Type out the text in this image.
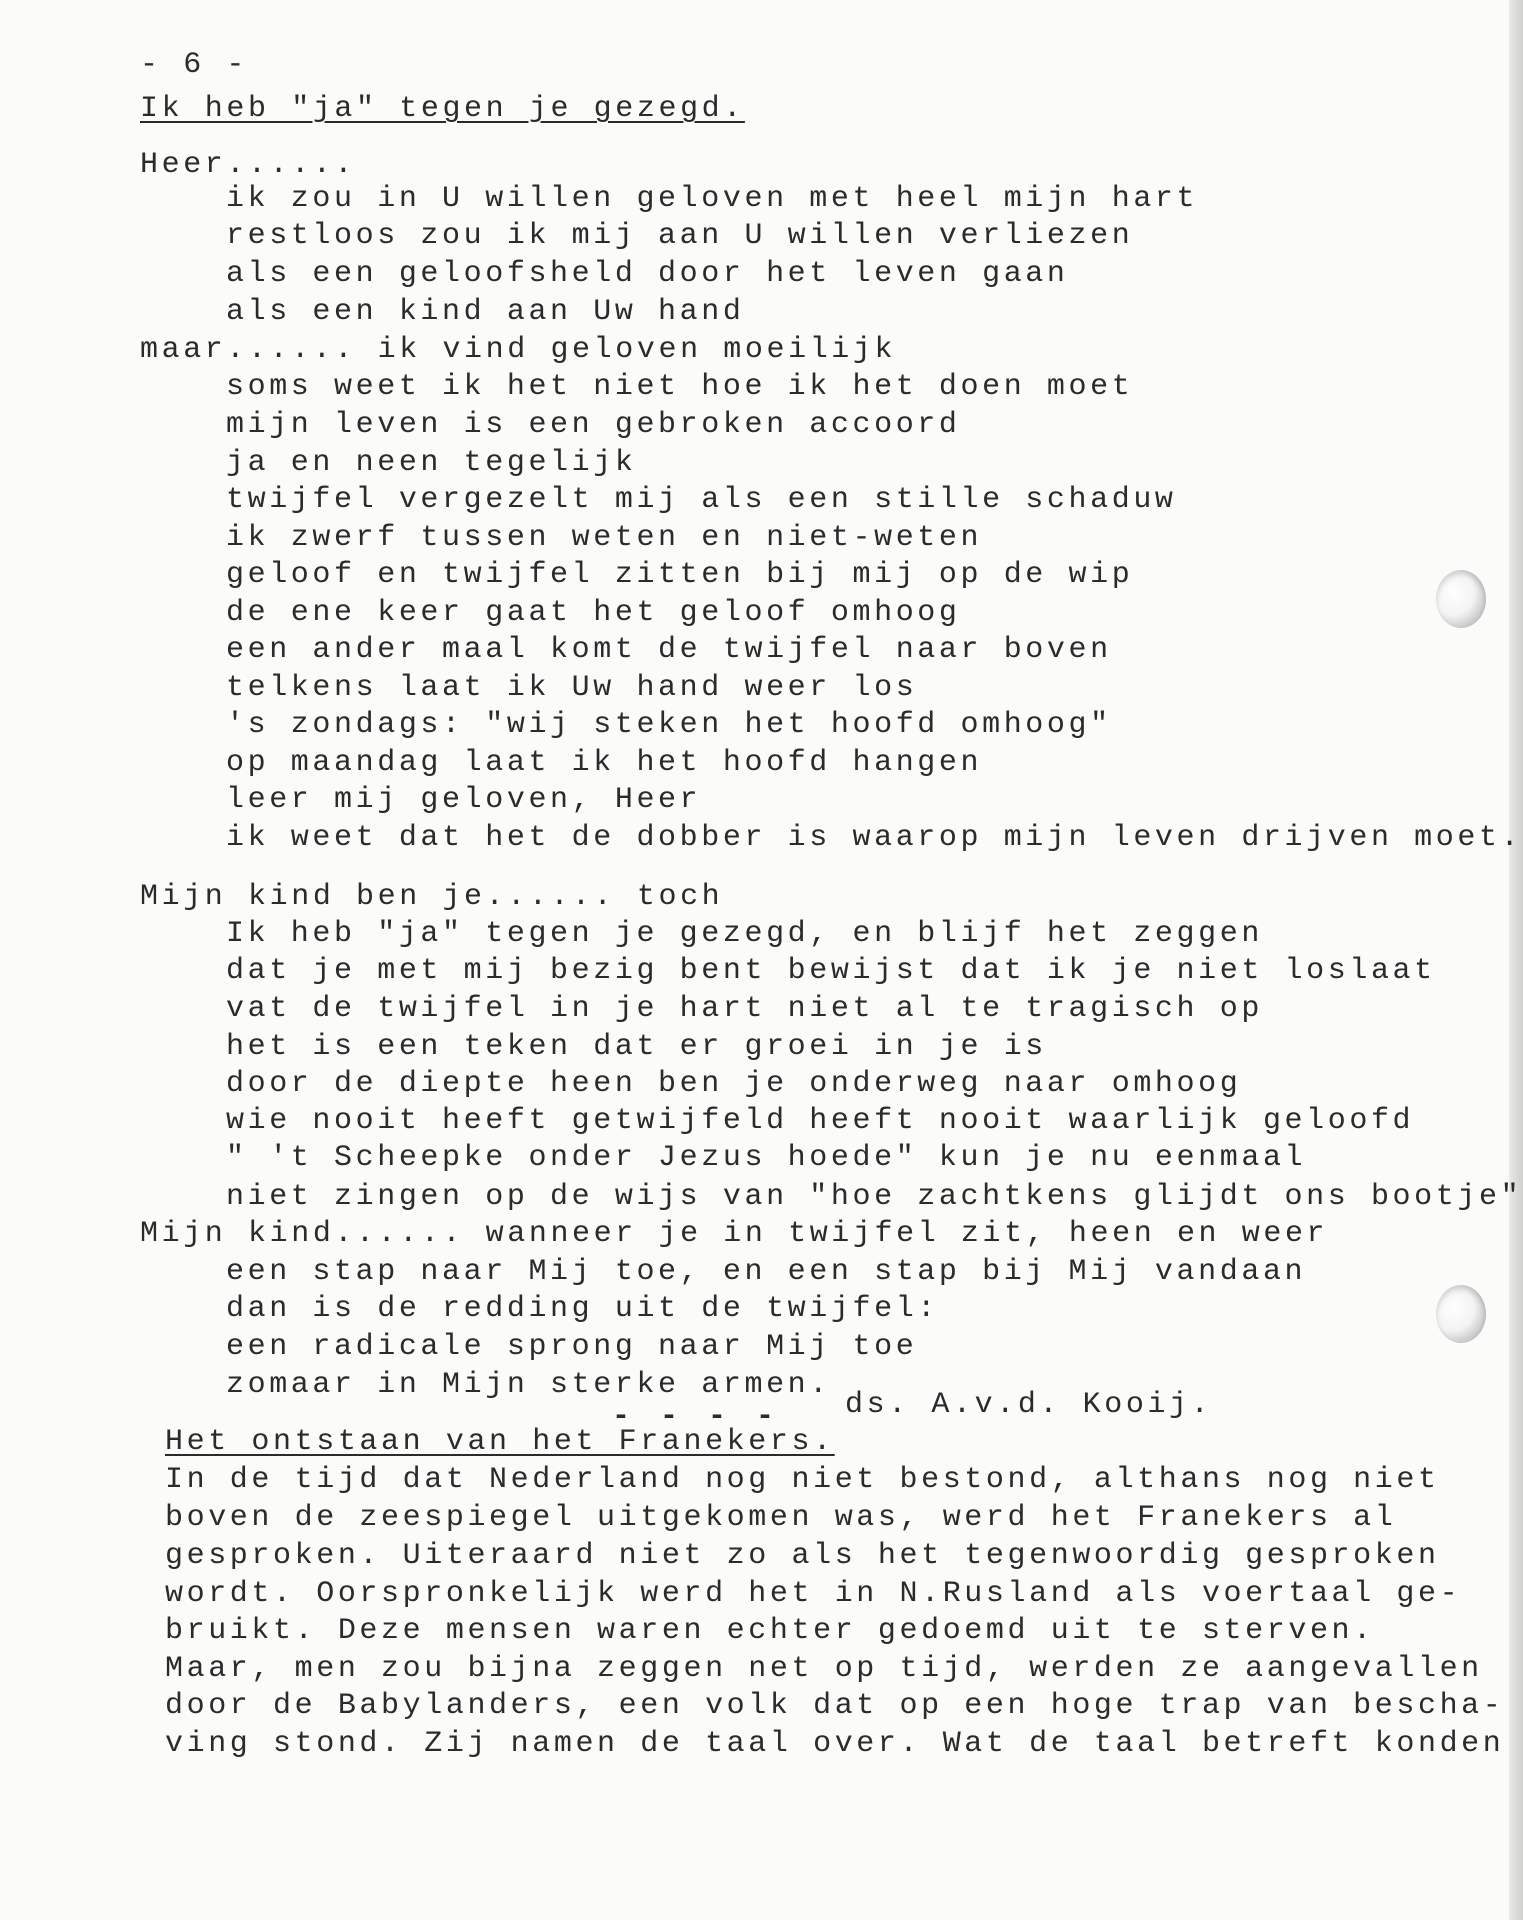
- 6 -
Ik heb "ja" tegen je gezegd.
Heer......
ik zou in U willen geloven met heel mijn hart
restloos zou ik mij aan U willen verliezen
als een geloofsheld door het leven gaan
als een kind aan Uw hand
maar...... ik vind geloven moeilijk
soms weet ik het niet hoe ik het doen moet
mijn leven is een gebroken accoord
ja en neen tegelijk
twijfel vergezelt mij als een stille schaduw
ik zwerf tussen weten en niet-weten
geloof en twijfel zitten bij mij op de wip
de ene keer gaat het geloof omhoog
een ander maal komt de twijfel naar boven
telkens laat ik Uw hand weer los
's zondags: "wij steken het hoofd omhoog"
op maandag laat ik het hoofd hangen
leer mij geloven, Heer
ik weet dat het de dobber is waarop mijn leven drijven moet.
Mijn kind ben je...... toch
Ik heb "ja" tegen je gezegd, en blijf het zeggen
dat je met mij bezig bent bewijst dat ik je niet loslaat
vat de twijfel in je hart niet al te tragisch op
het is een teken dat er groei in je is
door de diepte heen ben je onderweg naar omhoog
wie nooit heeft getwijfeld heeft nooit waarlijk geloofd
" 't Scheepke onder Jezus hoede" kun je nu eenmaal
niet zingen op de wijs van "hoe zachtkens glijdt ons bootje"
Mijn kind...... wanneer je in twijfel zit, heen en weer
een stap naar Mij toe, en een stap bij Mij vandaan
dan is de redding uit de twijfel:
een radicale sprong naar Mij toe
zomaar in Mijn sterke armen.
ds. A.v.d. Kooij.
- - - -
Het ontstaan van het Franekers.
In de tijd dat Nederland nog niet bestond, althans nog niet
boven de zeespiegel uitgekomen was, werd het Franekers al
gesproken. Uiteraard niet zo als het tegenwoordig gesproken
wordt. Oorspronkelijk werd het in N.Rusland als voertaal ge-
bruikt. Deze mensen waren echter gedoemd uit te sterven.
Maar, men zou bijna zeggen net op tijd, werden ze aangevallen
door de Babylanders, een volk dat op een hoge trap van bescha-
ving stond. Zij namen de taal over. Wat de taal betreft konden
